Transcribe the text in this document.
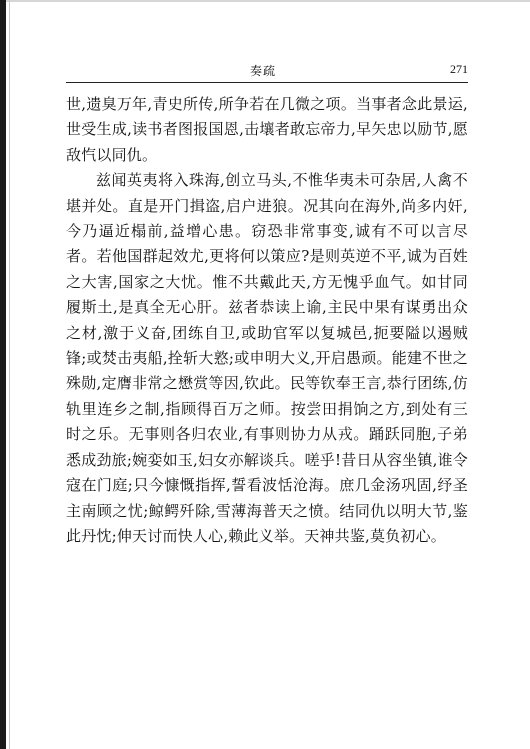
奏疏	271

世,遗臭万年,青史所传,所争若在几微之项。当事者念此景运,世受生成,读书者图报国恩,击壤者敢忘帝力,早矢忠以励节,愿敌忾以同仇。

兹闻英夷将入珠海,创立马头,不惟华夷未可杂居,人禽不堪并处。直是开门揖盗,启户进狼。况其向在海外,尚多内奸,今乃逼近榻前,益增心患。窃恐非常事变,诚有不可以言尽者。若他国群起效尤,更将何以策应?是则英逆不平,诚为百姓之大害,国家之大忧。惟不共戴此天,方无愧乎血气。如甘同履斯土,是真全无心肝。兹者恭读上谕,主民中果有谋勇出众之材,激于义奋,团练自卫,或助官军以复城邑,扼要隘以遏贼锋;或焚击夷船,拴斩大憝;或申明大义,开启愚顽。能建不世之殊勋,定膺非常之懋赏等因,钦此。民等钦奉王言,恭行团练,仿轨里连乡之制,指顾得百万之师。按尝田捐饷之方,到处有三时之乐。无事则各归农业,有事则协力从戎。踊跃同胞,子弟悉成劲旅;婉娈如玉,妇女亦解谈兵。嗟乎!昔日从容坐镇,谁令寇在门庭;只今慷慨指挥,誓看波恬沧海。庶几金汤巩固,纾圣主南顾之忧;鲸鳄歼除,雪薄海普天之愤。结同仇以明大节,鉴此丹忱;伸天讨而快人心,赖此义举。天神共鉴,莫负初心。
